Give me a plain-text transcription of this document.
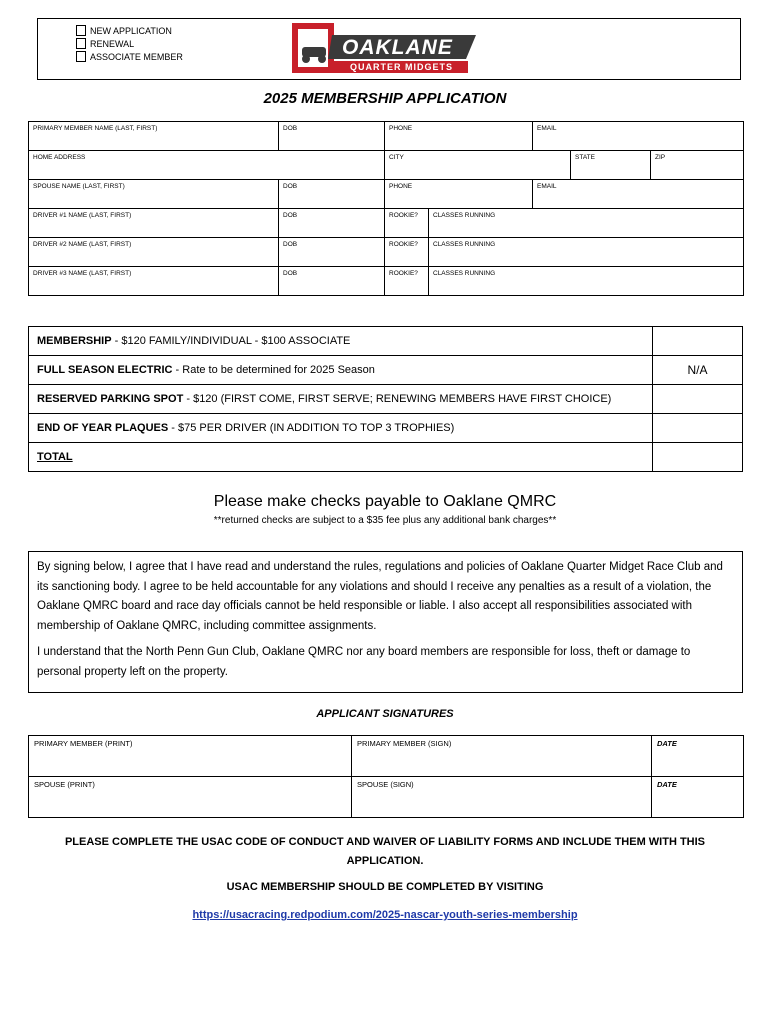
NEW APPLICATION
RENEWAL
ASSOCIATE MEMBER	OAKLANE
QUARTER MIDGETS
2025 MEMBERSHIP APPLICATION
PRIMARY MEMBER NAME (LAST, FIRST)	DOB	PHONE		EMAIL		
HOME ADDRESS		CITY			STATE	ZIP
SPOUSE NAME (LAST, FIRST)	DOB	PHONE		EMAIL		
DRIVER #1 NAME (LAST, FIRST)	DOB	ROOKIE?	CLASSES RUNNING			
DRIVER #2 NAME (LAST, FIRST)	DOB	ROOKIE?	CLASSES RUNNING			
DRIVER #3 NAME (LAST, FIRST)	DOB	ROOKIE?	CLASSES RUNNING			
MEMBERSHIP - $120 FAMILY/INDIVIDUAL - $100 ASSOCIATE	
FULL SEASON ELECTRIC - Rate to be determined for 2025 Season	N/A
RESERVED PARKING SPOT - $120 (FIRST COME, FIRST SERVE; RENEWING MEMBERS HAVE FIRST CHOICE)	
END OF YEAR PLAQUES - $75 PER DRIVER (IN ADDITION TO TOP 3 TROPHIES)	
TOTAL	
Please make checks payable to Oaklane QMRC
**returned checks are subject to a $35 fee plus any additional bank charges**

By signing below, I agree that I have read and understand the rules, regulations and policies of Oaklane Quarter Midget Race Club and its sanctioning body. I agree to be held accountable for any violations and should I receive any penalties as a result of a violation, the Oaklane QMRC board and race day officials cannot be held responsible or liable. I also accept all responsibilities associated with membership of Oaklane QMRC, including committee assignments.

I understand that the North Penn Gun Club, Oaklane QMRC nor any board members are responsible for loss, theft or damage to personal property left on the property.

APPLICANT SIGNATURES
PRIMARY MEMBER (PRINT)	PRIMARY MEMBER (SIGN)	DATE
SPOUSE (PRINT)	SPOUSE (SIGN)	DATE
PLEASE COMPLETE THE USAC CODE OF CONDUCT AND WAIVER OF LIABILITY FORMS AND INCLUDE THEM WITH THIS APPLICATION.
USAC MEMBERSHIP SHOULD BE COMPLETED BY VISITING
https://usacracing.redpodium.com/2025-nascar-youth-series-membership
